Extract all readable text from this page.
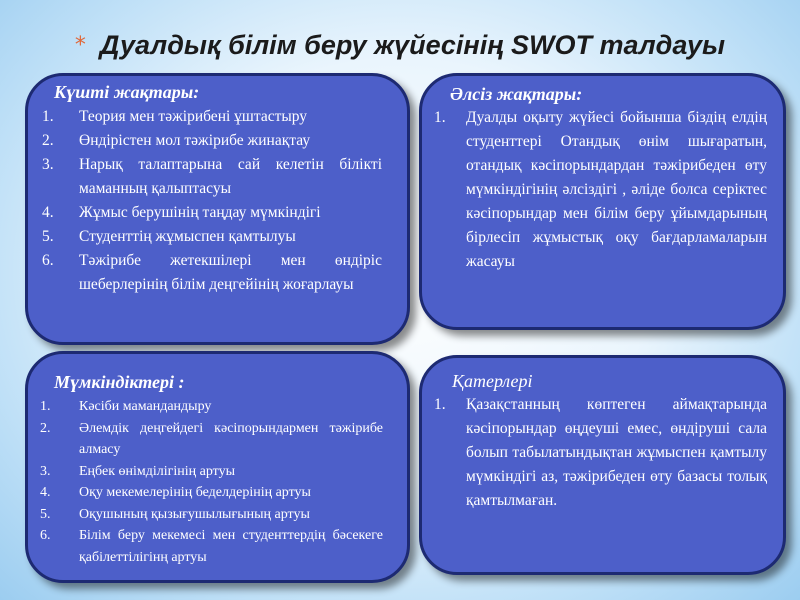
* Дуалдық білім беру жүйесінің SWOT талдауы
Күшті жақтары:
1. Теория мен тәжірибені ұштастыру
2. Өндірістен мол тәжірибе жинақтау
3. Нарық талаптарына сай келетін білікті маманның қалыптасуы
4. Жұмыс берушінің таңдау мүмкіндігі
5. Студенттің жұмыспен қамтылуы
6. Тәжірибе жетекшілері мен өндіріс шеберлерінің білім деңгейінің жоғарлауы
Әлсіз жақтары:
1. Дуалды оқыту жүйесі бойынша біздің елдің студенттері Отандық өнім шығаратын, отандық кәсіпорындардан тәжірибеден өту мүмкіндігінің әлсіздігі , әліде болса серіктес кәсіпорындар мен білім беру ұйымдарының бірлесіп жұмыстық оқу бағдарламаларын жасауы
Мүмкіндіктері :
1. Кәсіби мамандандыру
2. Әлемдік деңгейдегі кәсіпорындармен тәжірибе алмасу
3. Еңбек өнімділігінің артуы
4. Оқу мекемелерінің беделдерінің артуы
5. Оқушының қызығушылығының артуы
6. Білім беру мекемесі мен студенттердің бәсекеге қабілеттілігінң артуы
Қатерлері
1. Қазақстанның көптеген аймақтарында кәсіпорындар өңдеуші емес, өндіруші сала болып табылатындықтан жұмыспен қамтылу мүмкіндігі аз, тәжірибеден өту базасы толық қамтылмаған.
